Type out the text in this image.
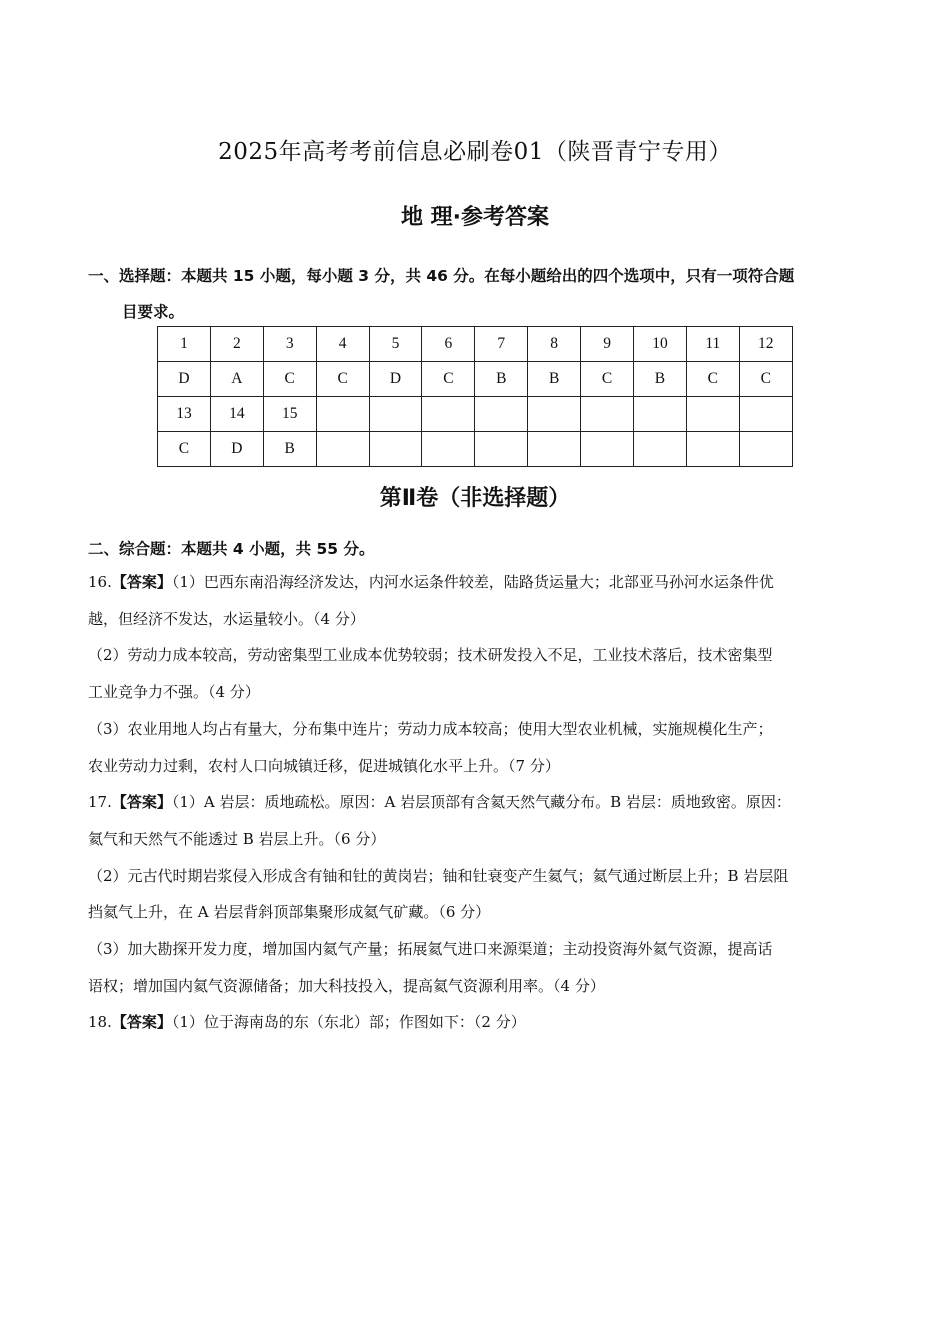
2025年高考考前信息必刷卷01（陕晋青宁专用）
地 理·参考答案
一、选择题：本题共 15 小题，每小题 3 分，共 46 分。在每小题给出的四个选项中，只有一项符合题
目要求。
1	2	3	4	5	6	7	8	9	10	11	12
D	A	C	C	D	C	B	B	C	B	C	C
13	14	15									
C	D	B									
第Ⅱ卷（非选择题）
二、综合题：本题共 4 小题，共 55 分。

16.【答案】（1）巴西东南沿海经济发达，内河水运条件较差，陆路货运量大；北部亚马孙河水运条件优

越，但经济不发达，水运量较小。（4 分）

（2）劳动力成本较高，劳动密集型工业成本优势较弱；技术研发投入不足，工业技术落后，技术密集型

工业竞争力不强。（4 分）

（3）农业用地人均占有量大，分布集中连片；劳动力成本较高；使用大型农业机械，实施规模化生产；

农业劳动力过剩，农村人口向城镇迁移，促进城镇化水平上升。（7 分）

17.【答案】（1）A 岩层：质地疏松。原因：A 岩层顶部有含氦天然气藏分布。B 岩层：质地致密。原因：

氦气和天然气不能透过 B 岩层上升。（6 分）

（2）元古代时期岩浆侵入形成含有铀和钍的黄岗岩；铀和钍衰变产生氦气；氦气通过断层上升；B 岩层阻

挡氦气上升，在 A 岩层背斜顶部集聚形成氦气矿藏。（6 分）

（3）加大勘探开发力度，增加国内氦气产量；拓展氦气进口来源渠道；主动投资海外氦气资源，提高话

语权；增加国内氦气资源储备；加大科技投入，提高氦气资源利用率。（4 分）

18.【答案】（1）位于海南岛的东（东北）部；作图如下：（2 分）
